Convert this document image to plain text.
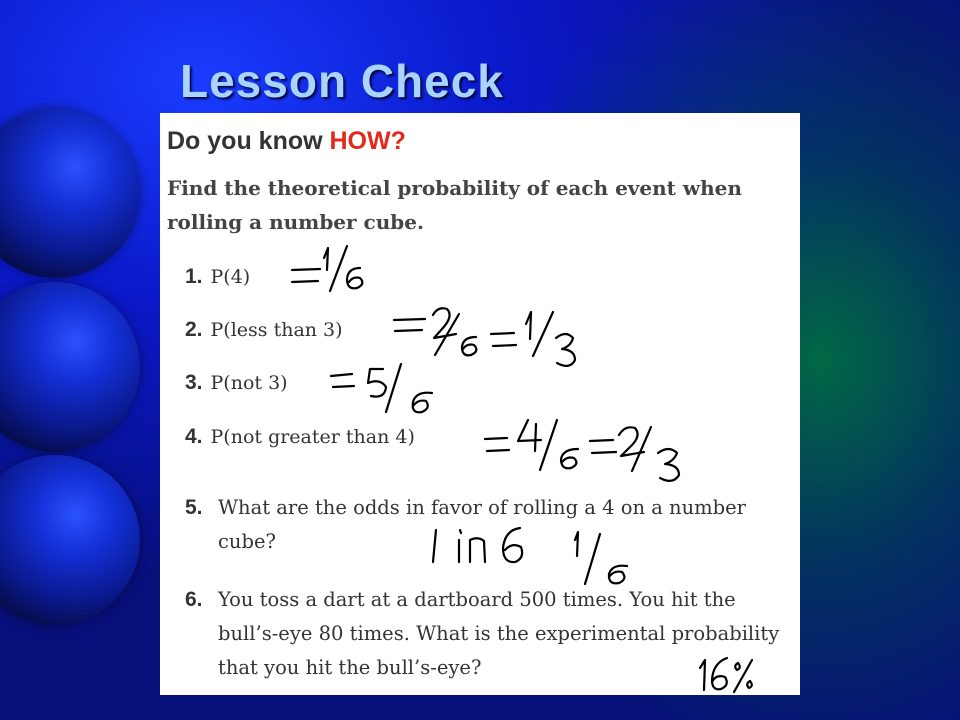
Lesson Check
Do you know HOW?

Find the theoretical probability of each event when rolling a number cube.

1. P(4)
2. P(less than 3)
3. P(not 3)
4. P(not greater than 4)
5. What are the odds in favor of rolling a 4 on a number cube?
6. You toss a dart at a dartboard 500 times. You hit the bull’s-eye 80 times. What is the experimental probability that you hit the bull’s-eye?
